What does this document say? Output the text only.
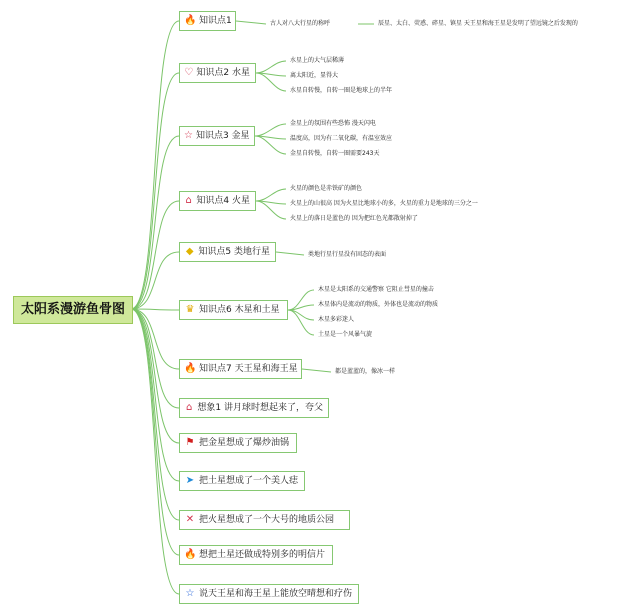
太阳系漫游鱼骨图
🔥 知识点1
♡ 知识点2 水星
☆ 知识点3 金星
⌂ 知识点4 火星
◆ 知识点5 类地行星
♛ 知识点6 木星和土星
🔥 知识点7 天王星和海王星
⌂ 想象1 讲月球时想起来了，夸父
⚑ 把金星想成了爆炒油锅
➤ 把土星想成了一个美人痣
✕ 把火星想成了一个大号的地质公园
🔥 想把土星还做成特别多的明信片
☆ 说天王星和海王星上能放空晴想和疗伤
古人对八大行星的称呼	辰星、太白、荧惑、碎星、镇星 天王星和海王星是发明了望远镜之后发现的
水星上的大气层稀薄
离太阳近，显得大
水星自转慢，自转一圈是地球上的半年
金星上的氛围有些恐怖 漫天闪电
温度高，因为有二氧化碳，有温室效应
金星自转慢，自转一圈需要243天
火星的颜色是赤铁矿的颜色
火星上的山很高 因为火星比地球小的多，火星的重力是地球的三分之一
火星上的落日是蓝色的 因为把红色光都散射掉了
类地行星行星没有固态的表面
木星是太阳系的交通警察 它阻止彗星的撞击
木星体内是流动的物质，外体也是流动的物质
木星多彩迷人
土星是一个风暴气旋
都是蓝蓝的，像冰一样
